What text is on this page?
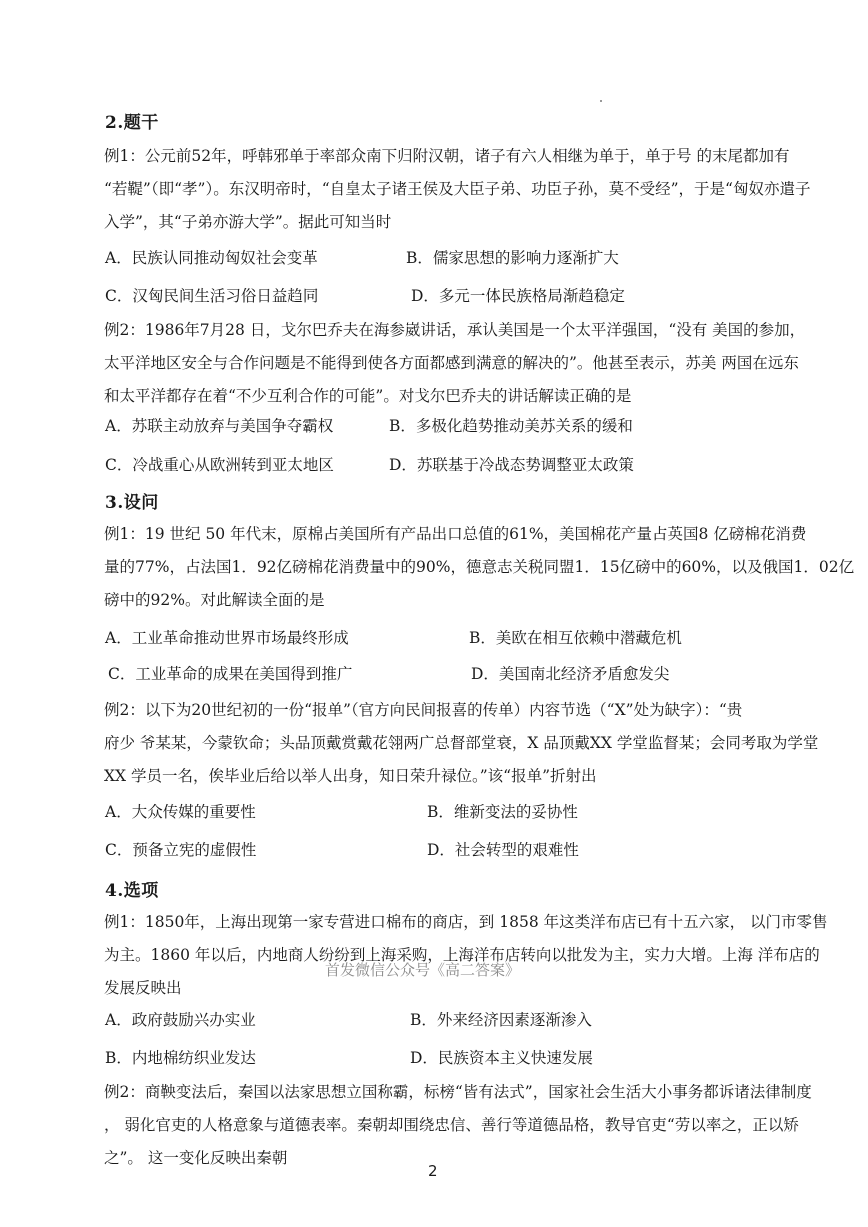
2.题干
例1：公元前52年，呼韩邪单于率部众南下归附汉朝，诸子有六人相继为单于，单于号 的末尾都加有
“若鞮”（即“孝”）。东汉明帝时，“自皇太子诸王侯及大臣子弟、功臣子孙，莫不受经”，于是“匈奴亦遣子
入学”，其“子弟亦游大学”。据此可知当时
A．民族认同推动匈奴社会变革	B．儒家思想的影响力逐渐扩大
C．汉匈民间生活习俗日益趋同	D．多元一体民族格局渐趋稳定
例2：1986年7月28 日，戈尔巴乔夫在海参崴讲话，承认美国是一个太平洋强国，“没有 美国的参加，
太平洋地区安全与合作问题是不能得到使各方面都感到满意的解决的”。他甚至表示，苏美 两国在远东
和太平洋都存在着“不少互利合作的可能”。对戈尔巴乔夫的讲话解读正确的是
A．苏联主动放弃与美国争夺霸权	B．多极化趋势推动美苏关系的缓和
C．冷战重心从欧洲转到亚太地区	D．苏联基于冷战态势调整亚太政策
3.设问
例1：19 世纪 50 年代末，原棉占美国所有产品出口总值的61%，美国棉花产量占英国8 亿磅棉花消费
量的77%，占法国1．92亿磅棉花消费量中的90%，德意志关税同盟1．15亿磅中的60%，以及俄国1．02亿
磅中的92%。对此解读全面的是
A．工业革命推动世界市场最终形成	B．美欧在相互依赖中潜藏危机
C．工业革命的成果在美国得到推广	D．美国南北经济矛盾愈发尖
例2：以下为20世纪初的一份“报单”（官方向民间报喜的传单）内容节选（“X”处为缺字）：“贵
府少 爷某某，今蒙钦命；头品顶戴赏戴花翎两广总督部堂衰，X 品顶戴XX 学堂监督某；会同考取为学堂
XX 学员一名，俟毕业后给以举人出身，知日荣升禄位。”该“报单”折射出
A．大众传媒的重要性	B．维新变法的妥协性
C．预备立宪的虚假性	D．社会转型的艰难性
4.选项
例1：1850年，上海出现第一家专营进口棉布的商店，到 1858 年这类洋布店已有十五六家， 以门市零售
为主。1860 年以后，内地商人纷纷到上海采购，上海洋布店转向以批发为主，实力大增。上海 洋布店的
发展反映出
首发微信公众号《高二答案》
A．政府鼓励兴办实业	B．外来经济因素逐渐渗入
B．内地棉纺织业发达	D．民族资本主义快速发展
例2：商鞅变法后，秦国以法家思想立国称霸，标榜“皆有法式”，国家社会生活大小事务都诉诸法律制度
， 弱化官吏的人格意象与道德表率。秦朝却围绕忠信、善行等道德品格，教导官吏“劳以率之，正以矫
之”。 这一变化反映出秦朝
2
